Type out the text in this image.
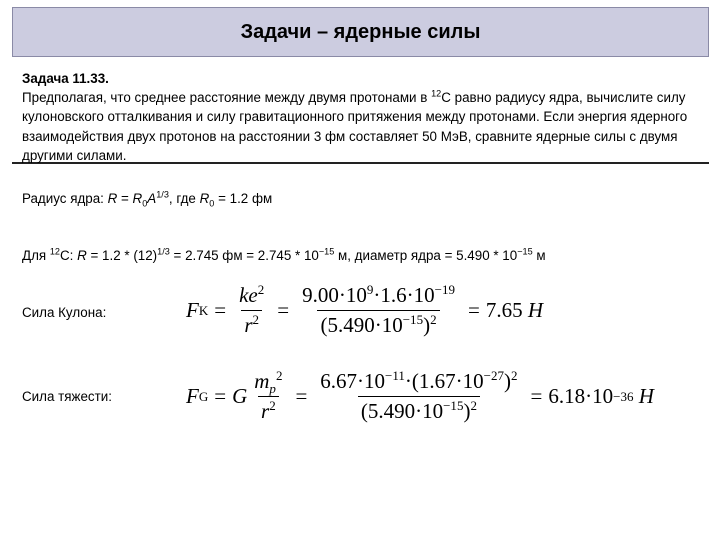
Задачи – ядерные силы

Задача 11.33.

Предполагая, что среднее расстояние между двумя протонами в $^{12}$C равно радиусу ядра, вычислите силу кулоновского отталкивания и силу гравитационного притяжения между протонами. Если энергия ядерного взаимодействия двух протонов на расстоянии 3 фм составляет 50 МэВ, сравните ядерные силы с двумя другими силами.

Радиус ядра: $R = R_0A^{1/3}$, где $R_0 = 1.2$ фм
Для $^{12}$C: $R = 1.2 * (12)^{1/3} = 2.745$ фм = $2.745 * 10^{-15}$ м, диаметр ядра = $5.490 * 10^{-15}$ м
Сила Кулона:	F $K = \frac{ke^2}{r^2} = \frac{9.00\cdot 10^9\cdot 1.6\cdot 10^{-19}}{(5.490\cdot 10^{-15})^2} = 7.65$
H
Сила тяжести:	F G = G $\frac{m_p^2}{r^2} = \frac{6.67\cdot 10^{-11}\cdot(1.67\cdot 10^{-27})^2}{(5.490\cdot 10^{-15})^2} = 6.18\cdot 10 -36$
H
